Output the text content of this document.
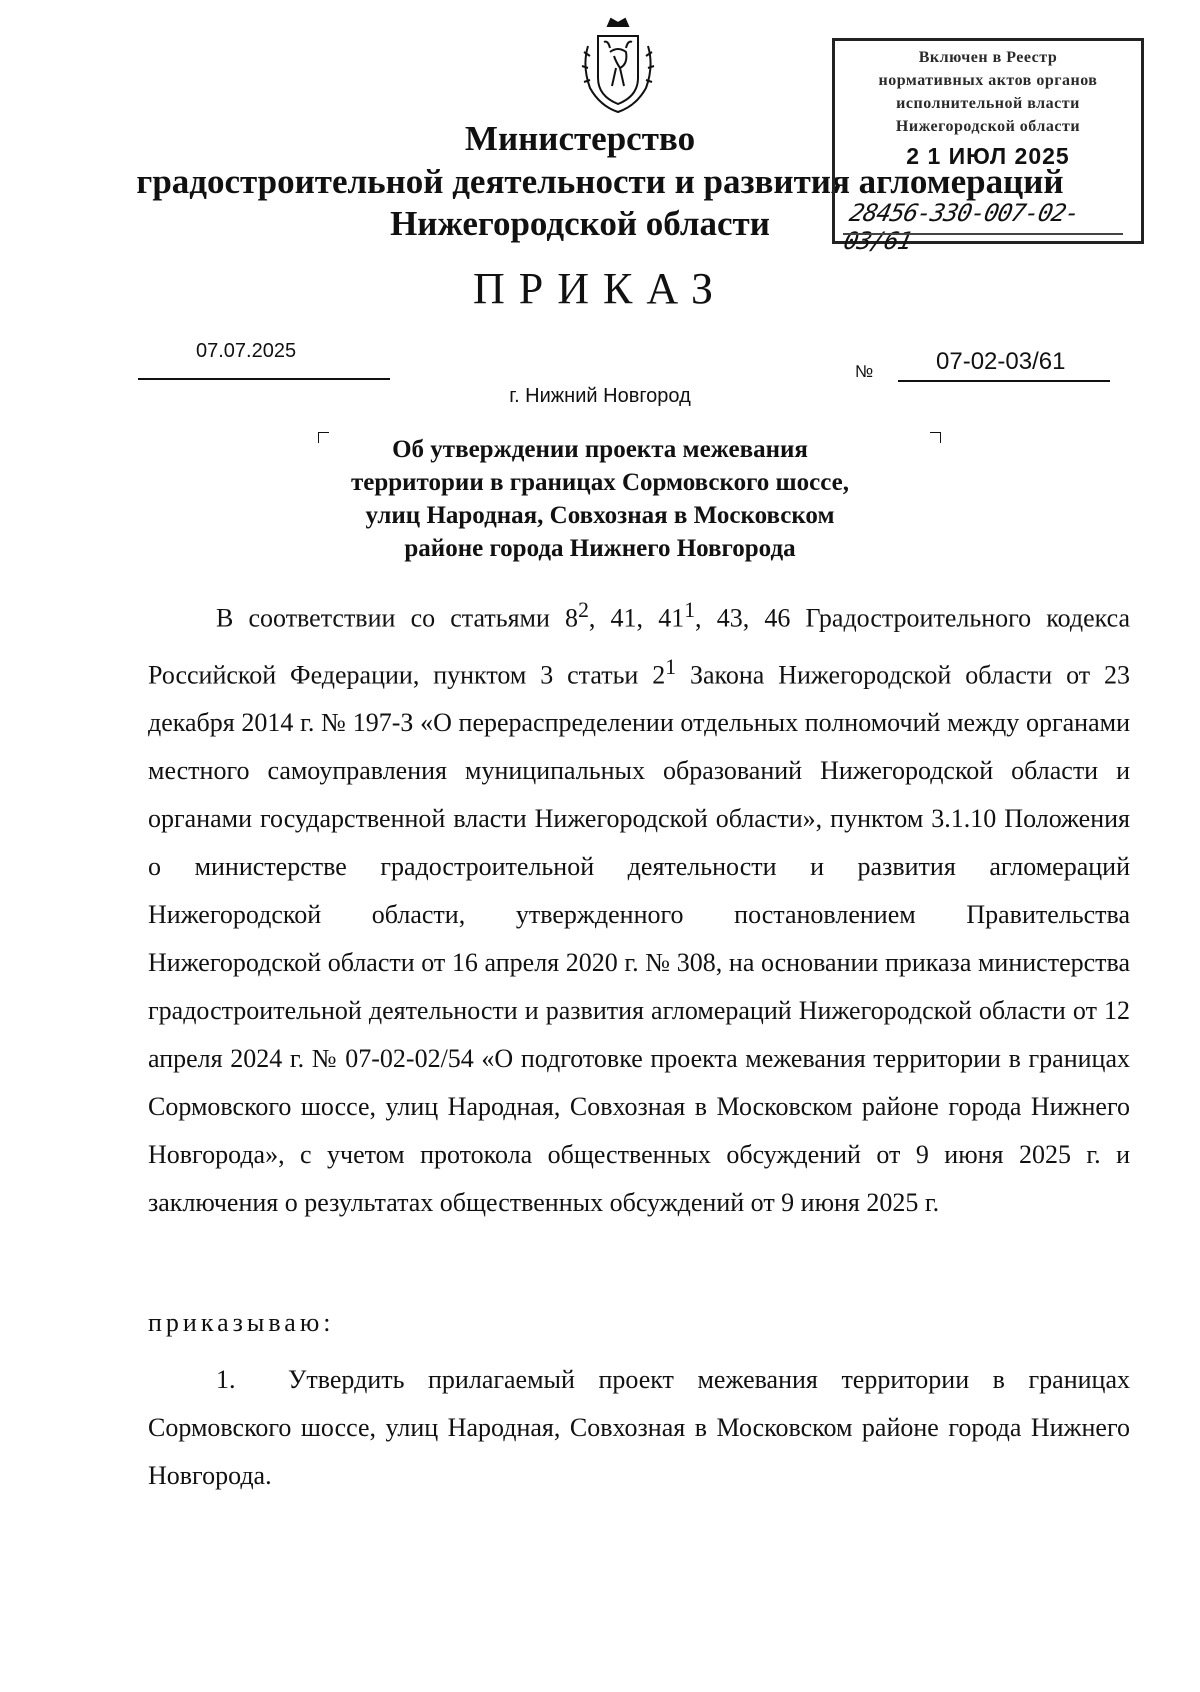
Министерство
градостроительной деятельности и развития агломераций
Нижегородской области
Включен в Реестр
нормативных актов органов
исполнительной власти
Нижегородской области
2 1 ИЮЛ 2025
28456-330-007-02-03/61
ПРИКАЗ
07.07.2025
№	07-02-03/61
г. Нижний Новгород
Об утверждении проекта межевания
территории в границах Сормовского шоссе,
улиц Народная, Совхозная в Московском
районе города Нижнего Новгорода

В соответствии со статьями $8^2$, 41, $41^1$, 43, 46 Градостроительного кодекса Российской Федерации, пунктом 3 статьи $2^1$ Закона Нижегородской области от 23 декабря 2014 г. № 197-З «О перераспределении отдельных полномочий между органами местного самоуправления муниципальных образований Нижегородской области и органами государственной власти Нижегородской области», пунктом 3.1.10 Положения о министерстве градостроительной деятельности и развития агломераций Нижегородской области, утвержденного постановлением Правительства Нижегородской области от 16 апреля 2020 г. № 308, на основании приказа министерства градостроительной деятельности и развития агломераций Нижегородской области от 12 апреля 2024 г. № 07-02-02/54 «О подготовке проекта межевания территории в границах Сормовского шоссе, улиц Народная, Совхозная в Московском районе города Нижнего Новгорода», с учетом протокола общественных обсуждений от 9 июня 2025 г. и заключения о результатах общественных обсуждений от 9 июня 2025 г.

приказываю:
1. Утвердить прилагаемый проект межевания территории в границах Сормовского шоссе, улиц Народная, Совхозная в Московском районе города Нижнего Новгорода.
